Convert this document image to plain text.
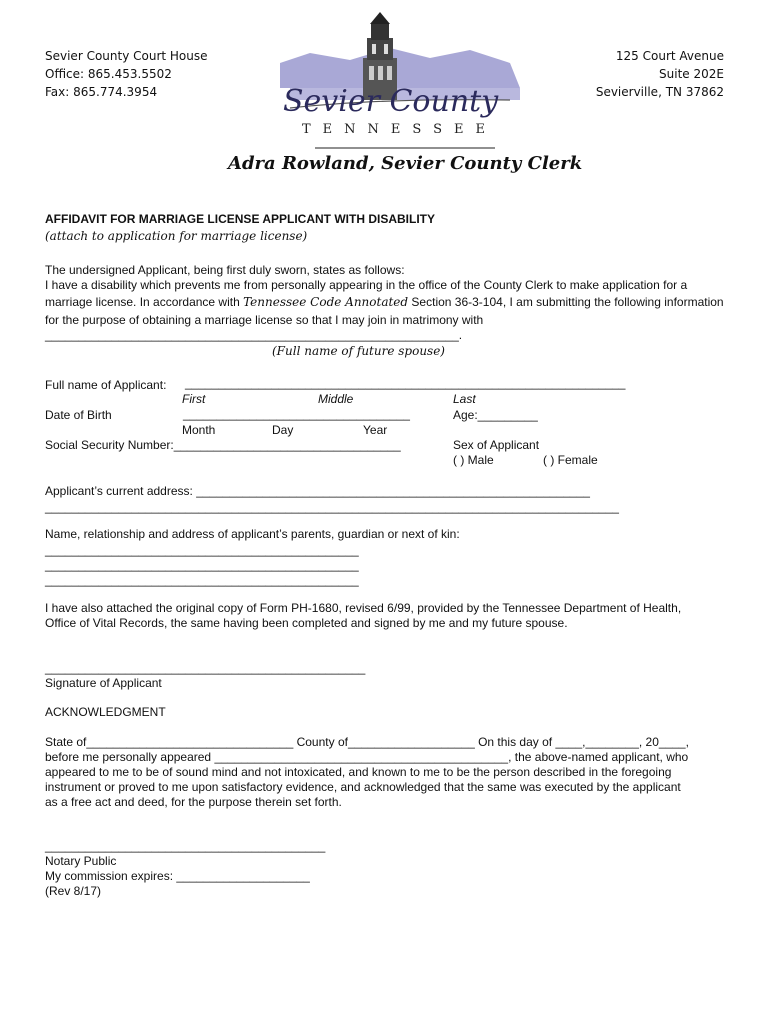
Sevier County Court House
Office: 865.453.5502
Fax: 865.774.3954
125 Court Avenue
Suite 202E
Sevierville, TN 37862
Sevier County
TENNESSEE
Adra Rowland, Sevier County Clerk
AFFIDAVIT FOR MARRIAGE LICENSE APPLICANT WITH DISABILITY
(attach to application for marriage license)
The undersigned Applicant, being first duly sworn, states as follows:
I have a disability which prevents me from personally appearing in the office of the County Clerk to make application for a
marriage license. In accordance with Tennessee Code Annotated Section 36-3-104, I am submitting the following information
for the purpose of obtaining a marriage license so that I may join in matrimony with
______________________________________________________________.
(Full name of future spouse)
Full name of Applicant: __________________________________________________________________
First	Middle	Last
Date of Birth	__________________________________	Age:_________
Month	Day	Year
Social Security Number:__________________________________	Sex of Applicant
( ) Male	( ) Female
Applicant’s current address: ___________________________________________________________
______________________________________________________________________________________
Name, relationship and address of applicant’s parents, guardian or next of kin:
_______________________________________________
_______________________________________________
_______________________________________________
I have also attached the original copy of Form PH-1680, revised 6/99, provided by the Tennessee Department of Health,
Office of Vital Records, the same having been completed and signed by me and my future spouse.
________________________________________________
Signature of Applicant
ACKNOWLEDGMENT
State of_______________________________ County of___________________ On this day of ____,________, 20____,
before me personally appeared ____________________________________________, the above-named applicant, who
appeared to me to be of sound mind and not intoxicated, and known to me to be the person described in the foregoing
instrument or proved to me upon satisfactory evidence, and acknowledged that the same was executed by the applicant
as a free act and deed, for the purpose therein set forth.
__________________________________________
Notary Public
My commission expires: ____________________
(Rev 8/17)
